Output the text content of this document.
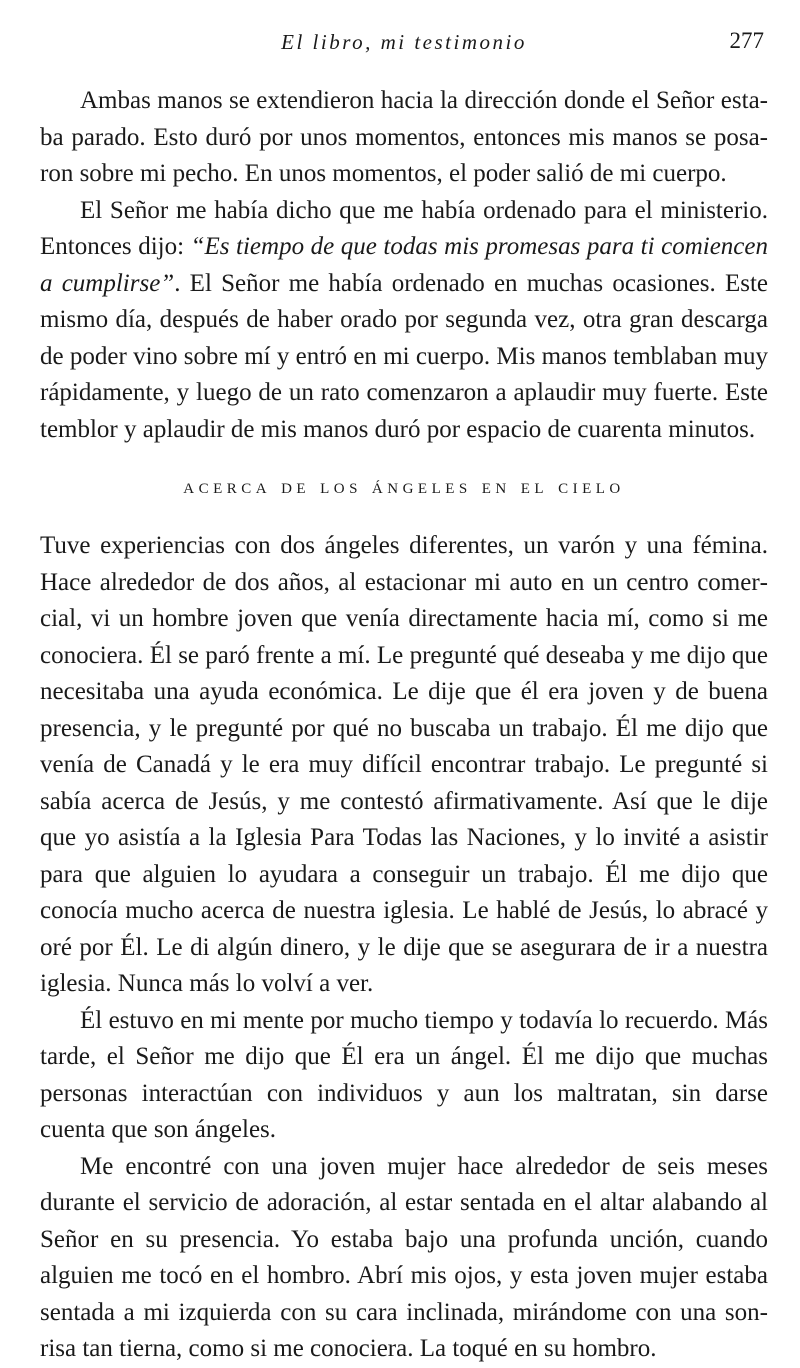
El libro, mi testimonio	277

Ambas manos se extendieron hacia la dirección donde el Señor estaba parado. Esto duró por unos momentos, entonces mis manos se posaron sobre mi pecho. En unos momentos, el poder salió de mi cuerpo.

El Señor me había dicho que me había ordenado para el ministerio. Entonces dijo: “Es tiempo de que todas mis promesas para ti comiencen a cumplirse”. El Señor me había ordenado en muchas ocasiones. Este mismo día, después de haber orado por segunda vez, otra gran descarga de poder vino sobre mí y entró en mi cuerpo. Mis manos temblaban muy rápidamente, y luego de un rato comenzaron a aplaudir muy fuerte. Este temblor y aplaudir de mis manos duró por espacio de cuarenta minutos.

acerca de los ángeles en el cielo

Tuve experiencias con dos ángeles diferentes, un varón y una fémina. Hace alrededor de dos años, al estacionar mi auto en un centro comercial, vi un hombre joven que venía directamente hacia mí, como si me conociera. Él se paró frente a mí. Le pregunté qué deseaba y me dijo que necesitaba una ayuda económica. Le dije que él era joven y de buena presencia, y le pregunté por qué no buscaba un trabajo. Él me dijo que venía de Canadá y le era muy difícil encontrar trabajo. Le pregunté si sabía acerca de Jesús, y me contestó afirmativamente. Así que le dije que yo asistía a la Iglesia Para Todas las Naciones, y lo invité a asistir para que alguien lo ayudara a conseguir un trabajo. Él me dijo que conocía mucho acerca de nuestra iglesia. Le hablé de Jesús, lo abracé y oré por Él. Le di algún dinero, y le dije que se asegurara de ir a nuestra iglesia. Nunca más lo volví a ver.

Él estuvo en mi mente por mucho tiempo y todavía lo recuerdo. Más tarde, el Señor me dijo que Él era un ángel. Él me dijo que muchas personas interactúan con individuos y aun los maltratan, sin darse cuenta que son ángeles.

Me encontré con una joven mujer hace alrededor de seis meses durante el servicio de adoración, al estar sentada en el altar alabando al Señor en su presencia. Yo estaba bajo una profunda unción, cuando alguien me tocó en el hombro. Abrí mis ojos, y esta joven mujer estaba sentada a mi izquierda con su cara inclinada, mirándome con una sonrisa tan tierna, como si me conociera. La toqué en su hombro.
